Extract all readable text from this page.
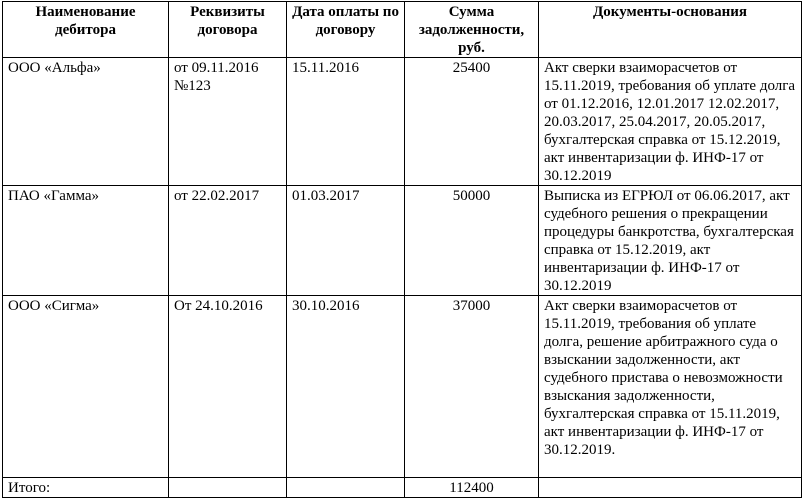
Наименование дебитора	Реквизиты договора	Дата оплаты по договору	Сумма задолженности, руб.	Документы-основания
ООО «Альфа»	от 09.11.2016 №123	15.11.2016	25400	Акт сверки взаиморасчетов от 15.11.2019, требования об уплате долга от 01.12.2016, 12.01.2017 12.02.2017, 20.03.2017, 25.04.2017, 20.05.2017, бухгалтерская справка от 15.12.2019, акт инвентаризации ф. ИНФ-17 от 30.12.2019
ПАО «Гамма»	от 22.02.2017	01.03.2017	50000	Выписка из ЕГРЮЛ от 06.06.2017, акт судебного решения о прекращении процедуры банкротства, бухгалтерская справка от 15.12.2019, акт инвентаризации ф. ИНФ-17 от 30.12.2019
ООО «Сигма»	От 24.10.2016	30.10.2016	37000	Акт сверки взаиморасчетов от 15.11.2019, требования об уплате долга, решение арбитражного суда о взыскании задолженности, акт судебного пристава о невозможности взыскания задолженности, бухгалтерская справка от 15.11.2019, акт инвентаризации ф. ИНФ-17 от 30.12.2019.
Итого:			112400	
